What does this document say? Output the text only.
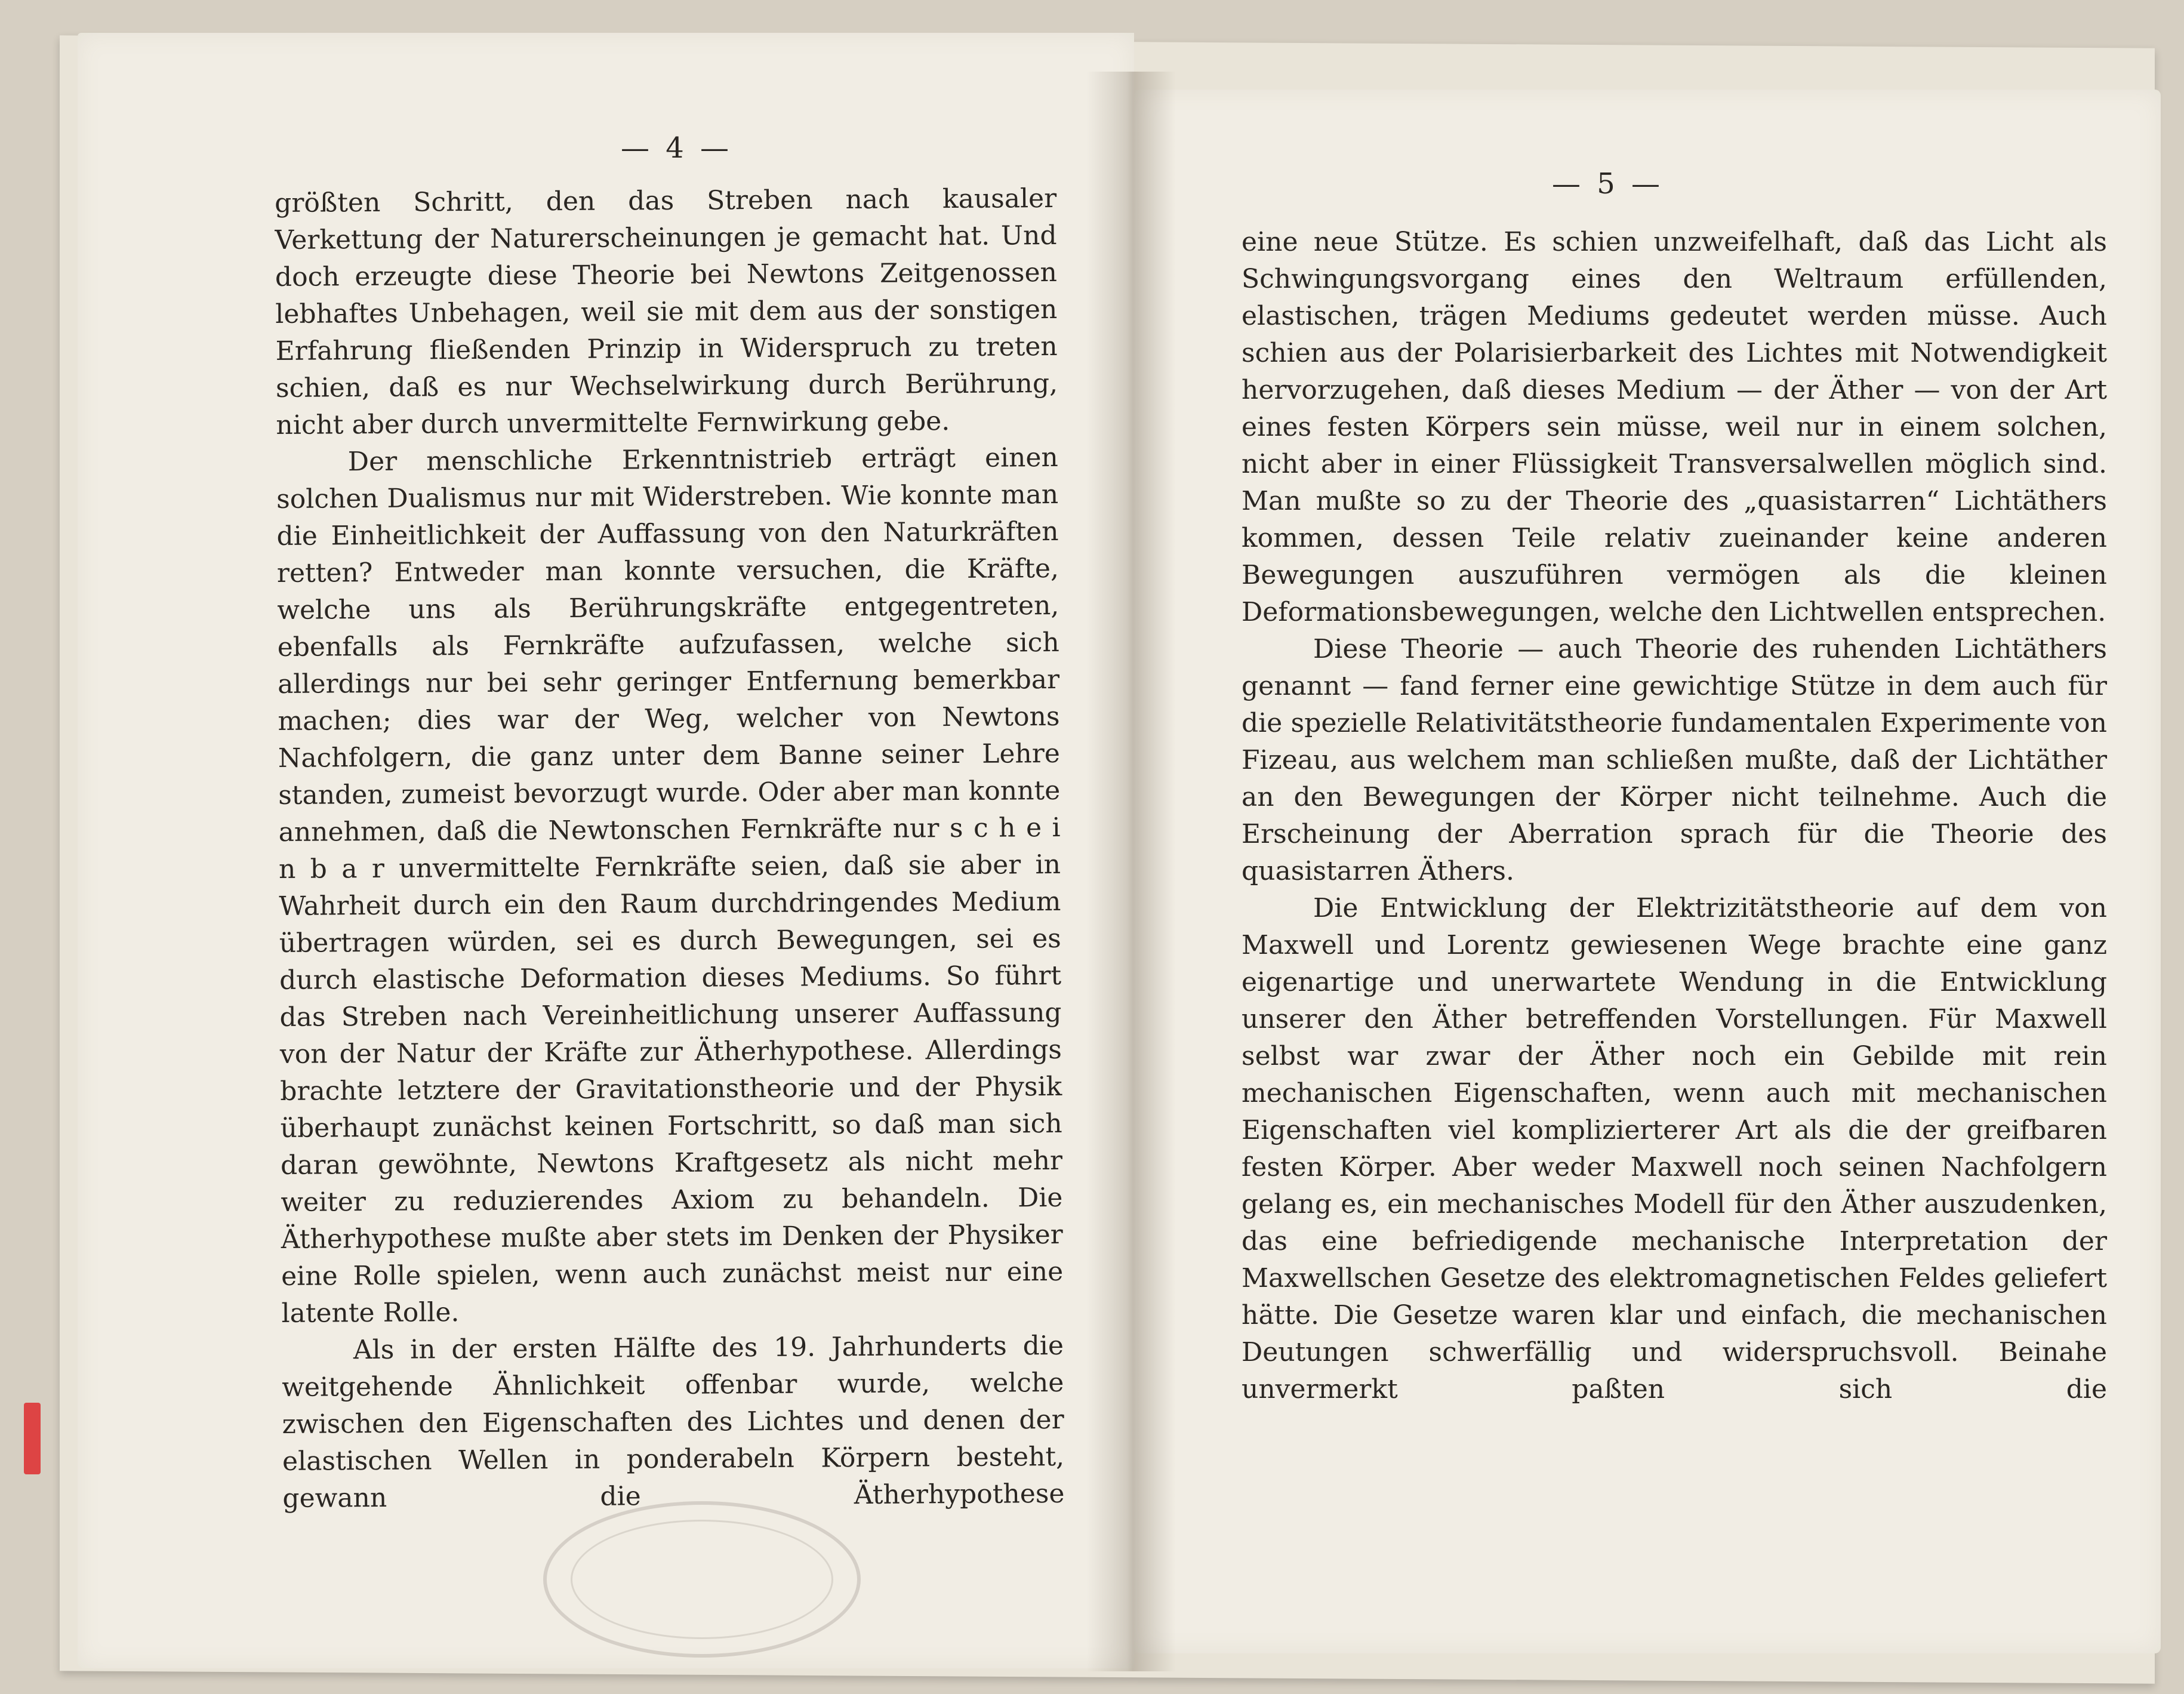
— 4 —

größten Schritt, den das Streben nach kausaler Verkettung der Naturerscheinungen je gemacht hat. Und doch erzeugte diese Theorie bei Newtons Zeitgenossen lebhaftes Unbehagen, weil sie mit dem aus der sonstigen Erfahrung fließenden Prinzip in Widerspruch zu treten schien, daß es nur Wechselwirkung durch Berührung, nicht aber durch unvermittelte Fernwirkung gebe.

Der menschliche Erkenntnistrieb erträgt einen solchen Dualismus nur mit Widerstreben. Wie konnte man die Einheitlichkeit der Auffassung von den Naturkräften retten? Entweder man konnte versuchen, die Kräfte, welche uns als Berührungskräfte entgegentreten, ebenfalls als Fernkräfte aufzufassen, welche sich allerdings nur bei sehr geringer Entfernung bemerkbar machen; dies war der Weg, welcher von Newtons Nachfolgern, die ganz unter dem Banne seiner Lehre standen, zumeist bevorzugt wurde. Oder aber man konnte annehmen, daß die Newtonschen Fernkräfte nur s c h e i n b a r unvermittelte Fernkräfte seien, daß sie aber in Wahrheit durch ein den Raum durchdringendes Medium übertragen würden, sei es durch Bewegungen, sei es durch elastische Deformation dieses Mediums. So führt das Streben nach Vereinheitlichung unserer Auffassung von der Natur der Kräfte zur Ätherhypothese. Allerdings brachte letztere der Gravitationstheorie und der Physik überhaupt zunächst keinen Fortschritt, so daß man sich daran gewöhnte, Newtons Kraftgesetz als nicht mehr weiter zu reduzierendes Axiom zu behandeln. Die Ätherhypothese mußte aber stets im Denken der Physiker eine Rolle spielen, wenn auch zunächst meist nur eine latente Rolle.

Als in der ersten Hälfte des 19. Jahrhunderts die weitgehende Ähnlichkeit offenbar wurde, welche zwischen den Eigenschaften des Lichtes und denen der elastischen Wellen in ponderabeln Körpern besteht, gewann die Ätherhypothese

— 5 —

eine neue Stütze. Es schien unzweifelhaft, daß das Licht als Schwingungsvorgang eines den Weltraum erfüllenden, elastischen, trägen Mediums gedeutet werden müsse. Auch schien aus der Polarisierbarkeit des Lichtes mit Notwendigkeit hervorzugehen, daß dieses Medium — der Äther — von der Art eines festen Körpers sein müsse, weil nur in einem solchen, nicht aber in einer Flüssigkeit Transversalwellen möglich sind. Man mußte so zu der Theorie des „quasistarren“ Lichtäthers kommen, dessen Teile relativ zueinander keine anderen Bewegungen auszuführen vermögen als die kleinen Deformationsbewegungen, welche den Lichtwellen entsprechen.

Diese Theorie — auch Theorie des ruhenden Lichtäthers genannt — fand ferner eine gewichtige Stütze in dem auch für die spezielle Relativitätstheorie fundamentalen Experimente von Fizeau, aus welchem man schließen mußte, daß der Lichtäther an den Bewegungen der Körper nicht teilnehme. Auch die Erscheinung der Aberration sprach für die Theorie des quasistarren Äthers.

Die Entwicklung der Elektrizitätstheorie auf dem von Maxwell und Lorentz gewiesenen Wege brachte eine ganz eigenartige und unerwartete Wendung in die Entwicklung unserer den Äther betreffenden Vorstellungen. Für Maxwell selbst war zwar der Äther noch ein Gebilde mit rein mechanischen Eigenschaften, wenn auch mit mechanischen Eigenschaften viel komplizierterer Art als die der greifbaren festen Körper. Aber weder Maxwell noch seinen Nachfolgern gelang es, ein mechanisches Modell für den Äther auszudenken, das eine befriedigende mechanische Interpretation der Maxwellschen Gesetze des elektromagnetischen Feldes geliefert hätte. Die Gesetze waren klar und einfach, die mechanischen Deutungen schwerfällig und widerspruchsvoll. Beinahe unvermerkt paßten sich die
